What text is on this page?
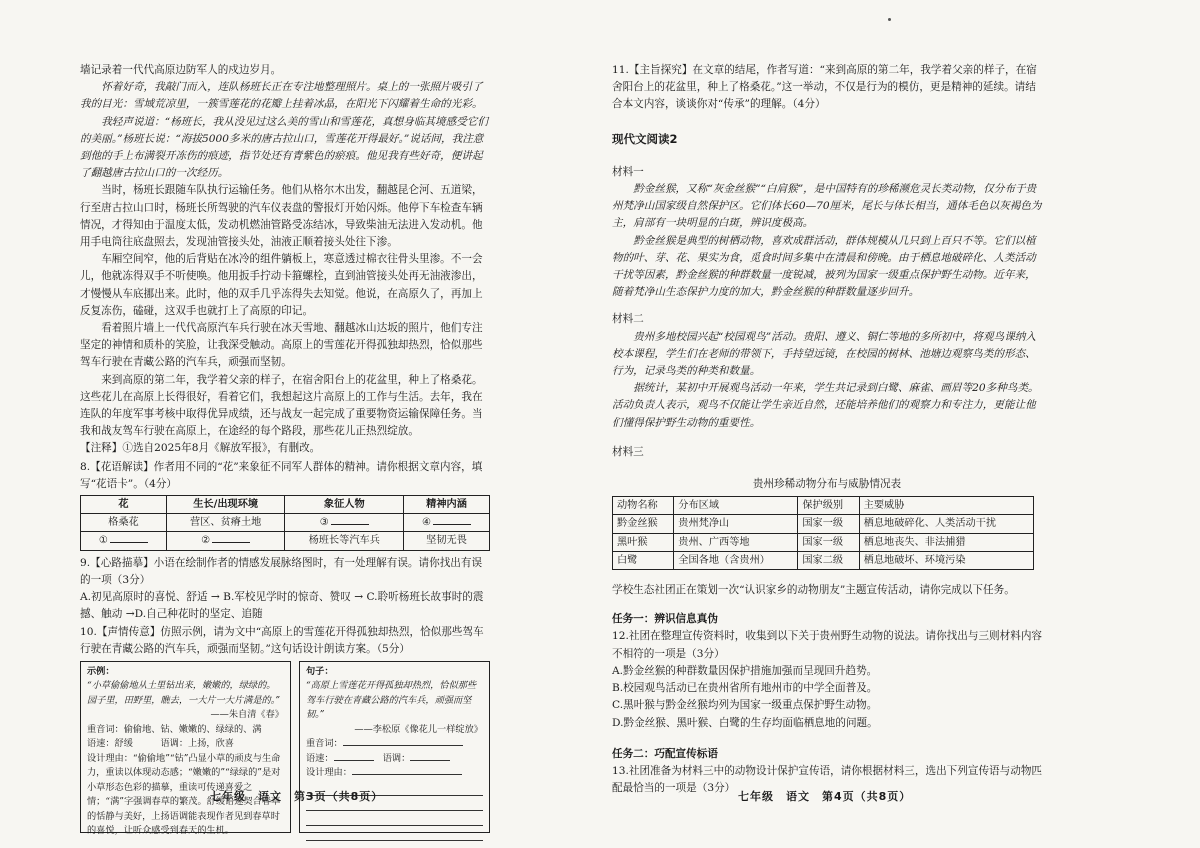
墙记录着一代代高原边防军人的戍边岁月。

怀着好奇，我敲门而入，连队杨班长正在专注地整理照片。桌上的一张照片吸引了我的目光：雪域荒凉里，一簇雪莲花的花瓣上挂着冰晶，在阳光下闪耀着生命的光彩。

我轻声说道：“杨班长，我从没见过这么美的雪山和雪莲花，真想身临其境感受它们的美丽。”杨班长说：“海拔5000多米的唐古拉山口，雪莲花开得最好。”说话间，我注意到他的手上布满裂开冻伤的痕迹，指节处还有青紫色的瘀痕。他见我有些好奇，便讲起了翻越唐古拉山口的一次经历。

当时，杨班长跟随车队执行运输任务。他们从格尔木出发，翻越昆仑河、五道梁，行至唐古拉山口时，杨班长所驾驶的汽车仪表盘的警报灯开始闪烁。他停下车检查车辆情况，才得知由于温度太低，发动机燃油管路受冻结冰，导致柴油无法进入发动机。他用手电筒往底盘照去，发现油管接头处，油液正顺着接头处往下渗。

车厢空间窄，他的后背贴在冰冷的组件躺板上，寒意透过棉衣往骨头里渗。不一会儿，他就冻得双手不听使唤。他用扳手拧动卡箍螺栓，直到油管接头处再无油液渗出，才慢慢从车底挪出来。此时，他的双手几乎冻得失去知觉。他说，在高原久了，再加上反复冻伤，磕碰，这双手也就打上了高原的印记。

看着照片墙上一代代高原汽车兵行驶在冰天雪地、翻越冰山达坂的照片，他们专注坚定的神情和质朴的笑脸，让我深受触动。高原上的雪莲花开得孤独却热烈，恰似那些驾车行驶在青藏公路的汽车兵，顽强而坚韧。

来到高原的第二年，我学着父亲的样子，在宿舍阳台上的花盆里，种上了格桑花。这些花儿在高原上长得很好，看着它们，我想起这片高原上的工作与生活。去年，我在连队的年度军事考核中取得优异成绩，还与战友一起完成了重要物资运输保障任务。当我和战友驾车行驶在高原上，在途经的每个路段，那些花儿正热烈绽放。

【注释】①选自2025年8月《解放军报》，有删改。

8.【花语解读】作者用不同的“花”来象征不同军人群体的精神。请你根据文章内容，填写“花语卡”。（4分）

花	生长/出现环境	象征人物	精神内涵
格桑花	营区、贫瘠土地	③	④
①	②	杨班长等汽车兵	坚韧无畏

9.【心路描摹】小语在绘制作者的情感发展脉络图时，有一处理解有误。请你找出有误的一项（3分）

A.初见高原时的喜悦、舒适 → B.军校见学时的惊奇、赞叹 → C.聆听杨班长故事时的震撼、触动 →D.自己种花时的坚定、追随

10.【声情传意】仿照示例，请为文中“高原上的雪莲花开得孤独却热烈，恰似那些驾车行驶在青藏公路的汽车兵，顽强而坚韧。”这句话设计朗读方案。（5分）

示例：

“小草偷偷地从土里钻出来，嫩嫩的，绿绿的。园子里，田野里，瞧去，一大片一大片满是的。”

——朱自清《春》

重音词：偷偷地、钻、嫩嫩的、绿绿的、满

语速：舒缓　　　	语调：上扬，欣喜

设计理由：“偷偷地”“钻”凸显小草的顽皮与生命力，重读以体现动态感；“嫩嫩的”“绿绿的”是对小草形态色彩的描摹，重读可传递喜爱之情；“满”字强调春草的繁茂。舒缓语速契合春草的恬静与美好，上扬语调能表现作者见到春草时的喜悦，让听众感受到春天的生机。

句子：

“高原上雪莲花开得孤独却热烈，恰似那些驾车行驶在青藏公路的汽车兵，顽强而坚韧。”

——李松原《像花儿一样绽放》

重音词：

语速：　	语调：

设计理由：

七年级　语文　第3页（共8页）

11.【主旨探究】在文章的结尾，作者写道：“来到高原的第二年，我学着父亲的样子，在宿舍阳台上的花盆里，种上了格桑花。”这一举动，不仅是行为的模仿，更是精神的延续。请结合本文内容，谈谈你对“传承”的理解。（4分）

现代文阅读2

材料一

黔金丝猴，又称“灰金丝猴”“白肩猴”，是中国特有的珍稀濒危灵长类动物，仅分布于贵州梵净山国家级自然保护区。它们体长60—70厘米，尾长与体长相当，通体毛色以灰褐色为主，肩部有一块明显的白斑，辨识度极高。

黔金丝猴是典型的树栖动物，喜欢成群活动，群体规模从几只到上百只不等。它们以植物的叶、芽、花、果实为食，觅食时间多集中在清晨和傍晚。由于栖息地破碎化、人类活动干扰等因素，黔金丝猴的种群数量一度锐减，被列为国家一级重点保护野生动物。近年来，随着梵净山生态保护力度的加大，黔金丝猴的种群数量逐步回升。

材料二

贵州多地校园兴起“校园观鸟”活动。贵阳、遵义、铜仁等地的多所初中，将观鸟课纳入校本课程，学生们在老师的带领下，手持望远镜，在校园的树林、池塘边观察鸟类的形态、行为，记录鸟类的种类和数量。

据统计，某初中开展观鸟活动一年来，学生共记录到白鹭、麻雀、画眉等20多种鸟类。活动负责人表示，观鸟不仅能让学生亲近自然，还能培养他们的观察力和专注力，更能让他们懂得保护野生动物的重要性。

材料三

贵州珍稀动物分布与威胁情况表

动物名称	分布区域	保护级别	主要威胁
黔金丝猴	贵州梵净山	国家一级	栖息地破碎化、人类活动干扰
黑叶猴	贵州、广西等地	国家一级	栖息地丧失、非法捕猎
白鹭	全国各地（含贵州）	国家二级	栖息地破坏、环境污染

学校生态社团正在策划一次“认识家乡的动物朋友”主题宣传活动，请你完成以下任务。

任务一：辨识信息真伪

12.社团在整理宣传资料时，收集到以下关于贵州野生动物的说法。请你找出与三则材料内容不相符的一项是（3分）

A.黔金丝猴的种群数量因保护措施加强而呈现回升趋势。

B.校园观鸟活动已在贵州省所有地州市的中学全面普及。

C.黑叶猴与黔金丝猴均列为国家一级重点保护野生动物。

D.黔金丝猴、黑叶猴、白鹭的生存均面临栖息地的问题。

任务二：巧配宣传标语

13.社团准备为材料三中的动物设计保护宣传语，请你根据材料三，选出下列宣传语与动物匹配最恰当的一项是（3分）

七年级　语文　第4页（共8页）
